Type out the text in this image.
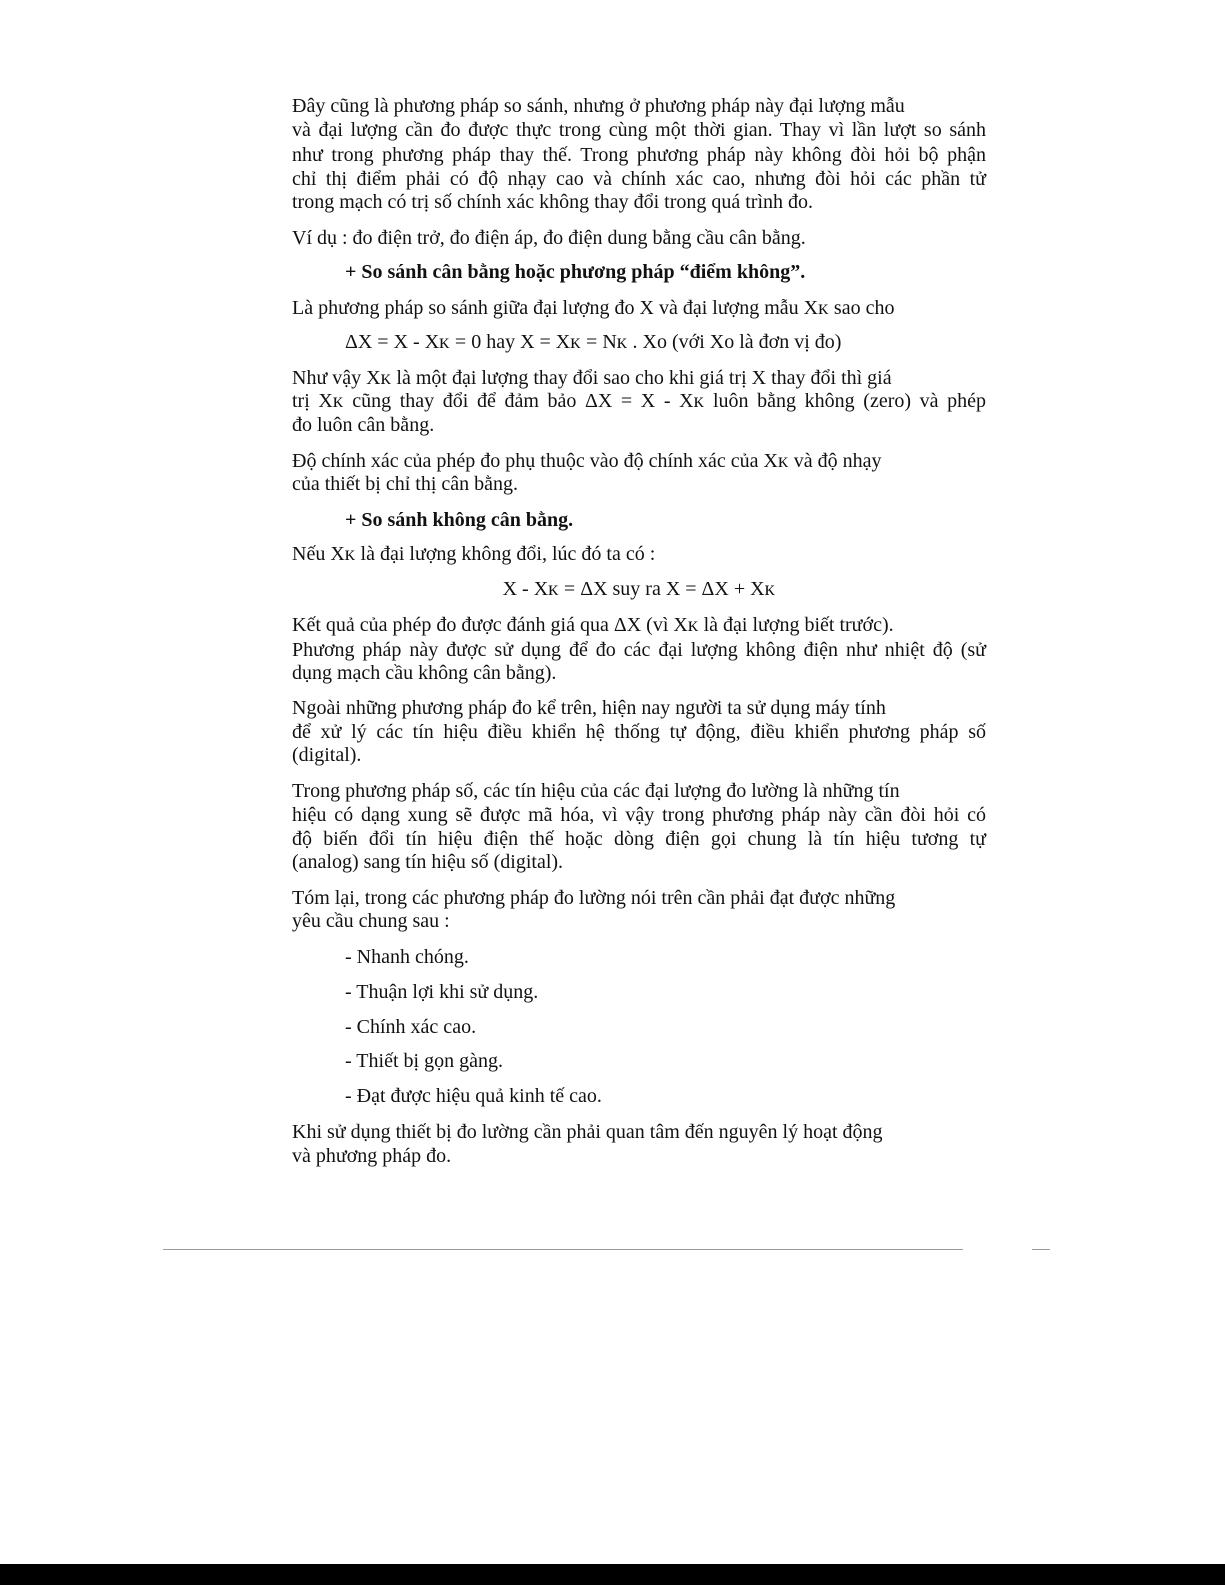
Đây cũng là phương pháp so sánh, nhưng ở phương pháp này đại lượng mẫu
và đại lượng cần đo được thực trong cùng một thời gian. Thay vì lần lượt so sánh
như trong phương pháp thay thế. Trong phương pháp này không đòi hỏi bộ phận
chỉ thị điểm phải có độ nhạy cao và chính xác cao, nhưng đòi hỏi các phần tử
trong mạch có trị số chính xác không thay đổi trong quá trình đo.
Ví dụ : đo điện trở, đo điện áp, đo điện dung bằng cầu cân bằng.
+ So sánh cân bằng hoặc phương pháp “điểm không”.
Là phương pháp so sánh giữa đại lượng đo X và đại lượng mẫu Xᴋ sao cho
ΔX = X - Xᴋ = 0 hay X = Xᴋ = Nᴋ . Xᴏ (với Xᴏ là đơn vị đo)
Như vậy Xᴋ là một đại lượng thay đổi sao cho khi giá trị X thay đổi thì giá
trị Xᴋ cũng thay đổi để đảm bảo ΔX = X - Xᴋ luôn bằng không (zero) và phép
đo luôn cân bằng.
Độ chính xác của phép đo phụ thuộc vào độ chính xác của Xᴋ và độ nhạy
của thiết bị chỉ thị cân bằng.
+ So sánh không cân bằng.
Nếu Xᴋ là đại lượng không đổi, lúc đó ta có :
X - Xᴋ = ΔX suy ra X = ΔX + Xᴋ
Kết quả của phép đo được đánh giá qua ΔX (vì Xᴋ là đại lượng biết trước).
Phương pháp này được sử dụng để đo các đại lượng không điện như nhiệt độ (sử
dụng mạch cầu không cân bằng).
Ngoài những phương pháp đo kể trên, hiện nay người ta sử dụng máy tính
để xử lý các tín hiệu điều khiển hệ thống tự động, điều khiển phương pháp số
(digital).
Trong phương pháp số, các tín hiệu của các đại lượng đo lường là những tín
hiệu có dạng xung sẽ được mã hóa, vì vậy trong phương pháp này cần đòi hỏi có
độ biến đổi tín hiệu điện thế hoặc dòng điện gọi chung là tín hiệu tương tự
(analog) sang tín hiệu số (digital).
Tóm lại, trong các phương pháp đo lường nói trên cần phải đạt được những
yêu cầu chung sau :
- Nhanh chóng.
- Thuận lợi khi sử dụng.
- Chính xác cao.
- Thiết bị gọn gàng.
- Đạt được hiệu quả kinh tế cao.
Khi sử dụng thiết bị đo lường cần phải quan tâm đến nguyên lý hoạt động
và phương pháp đo.
